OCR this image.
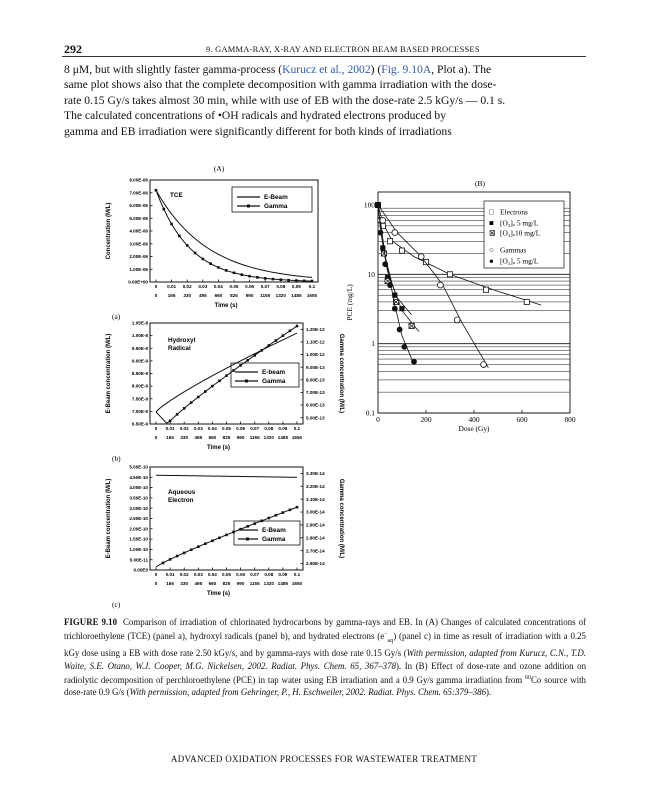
292	9. GAMMA-RAY, X-RAY AND ELECTRON BEAM BASED PROCESSES
8 μM, but with slightly faster gamma-process (Kurucz et al., 2002) (Fig. 9.10A, Plot a). The
same plot shows also that the complete decomposition with gamma irradiation with the dose-
rate 0.15 Gy/s takes almost 30 min, while with use of EB with the dose-rate 2.5 kGy/s — 0.1 s.
The calculated concentrations of •OH radicals and hydrated electrons produced by
gamma and EB irradiation were significantly different for both kinds of irradiations
(A)
8.00E-06
7.00E-06
6.00E-06
5.00E-06
4.00E-06
3.00E-06
2.00E-06
1.00E-06
0.00E+00
0 0.01 0.02 0.03 0.04 0.05 0.06 0.07 0.08 0.09 0.1
0 165 330 495 660 825 990 1155 1320 1485 1650
Time (s)
Concentration (M/L)
(a)
TCE	E-Beam
Gamma
1.05E-8
1.00E-8
9.50E-9
9.00E-9
8.50E-9
8.00E-9
7.50E-9
7.00E-9
6.50E-9
1.20E-12
1.10E-12
1.00E-12
9.00E-13
8.00E-13
7.00E-13
6.00E-13
5.00E-13
Gamma concentration (M/L)
0 0.01 0.02 0.03 0.04 0.05 0.06 0.07 0.08 0.09 0.1
0 165 330 495 660 825 990 1155 1320 1485 1650
Time (s)
E-Beam concentration (M/L)
(b)
Hydroxyl
Radical
E-beam
Gamma
5.00E-10
4.50E-10
4.00E-10
3.50E-10
3.00E-10
2.50E-10
2.00E-10
1.50E-10
1.00E-10
5.00E-11
0.00E0
3.30E-14
3.20E-14
3.10E-14
3.00E-14
2.90E-14
2.80E-14
2.70E-14
2.60E-14
Gamma concentration (M/L)
0 0.01 0.02 0.03 0.04 0.05 0.06 0.07 0.08 0.09 0.1
0 165 330 495 660 825 990 1155 1320 1485 1650
Time (s)
E-Beam concentration (M/L)
(c)
Aqueous
Electron
E-Beam
Gamma
(B)
100
10
1
0.1
0	200	400	600	800
Dose (Gy)
PCE (mg/L)
□ Electrons
■ [O₃]ₒ 5 mg/L
⊠ [O₃]ₒ10 mg/L
○ Gammas
● [O₃]ₒ 5 mg/L
FIGURE 9.10 Comparison of irradiation of chlorinated hydrocarbons by gamma-rays and EB. In (A) Changes of calculated concentrations of trichloroethylene (TCE) (panel a), hydroxyl radicals (panel b), and hydrated electrons $(e^-_{aq})$ (panel c) in time as result of irradiation with a 0.25 kGy dose using a EB with dose rate 2.50 kGy/s, and by gamma-rays with dose rate 0.15 Gy/s (With permission, adapted from Kurucz, C.N., T.D. Waite, S.E. Otano, W.J. Cooper, M.G. Nickelsen, 2002. Radiat. Phys. Chem. 65, 367–378). In (B) Effect of dose-rate and ozone addition on radiolytic decomposition of perchloroethylene (PCE) in tap water using EB irradiation and a 0.9 Gy/s gamma irradiation from $^{60}$Co source with dose-rate 0.9 G/s (With permission, adapted from Gehringer, P., H. Eschweiler, 2002. Radiat. Phys. Chem. 65:379–386).
ADVANCED OXIDATION PROCESSES FOR WASTEWATER TREATMENT
